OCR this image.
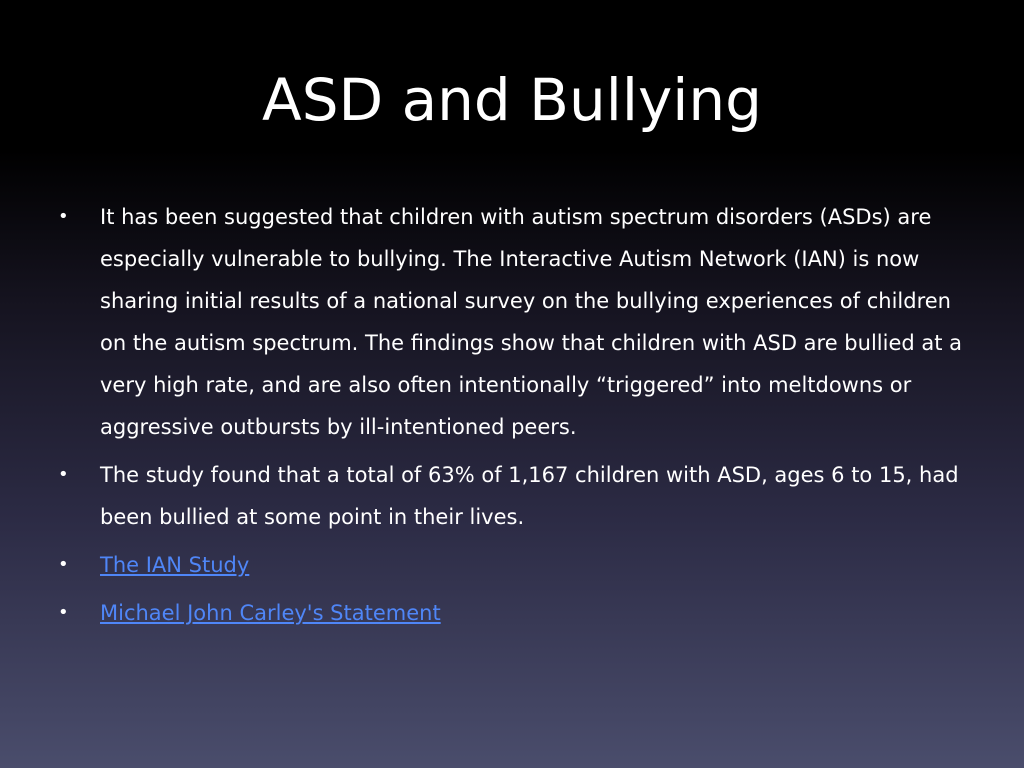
ASD and Bullying
• It has been suggested that children with autism spectrum disorders (ASDs) are especially vulnerable to bullying. The Interactive Autism Network (IAN) is now sharing initial results of a national survey on the bullying experiences of children on the autism spectrum. The findings show that children with ASD are bullied at a very high rate, and are also often intentionally “triggered” into meltdowns or aggressive outbursts by ill-intentioned peers.
• The study found that a total of 63% of 1,167 children with ASD, ages 6 to 15, had been bullied at some point in their lives.
• The IAN Study
• Michael John Carley's Statement
